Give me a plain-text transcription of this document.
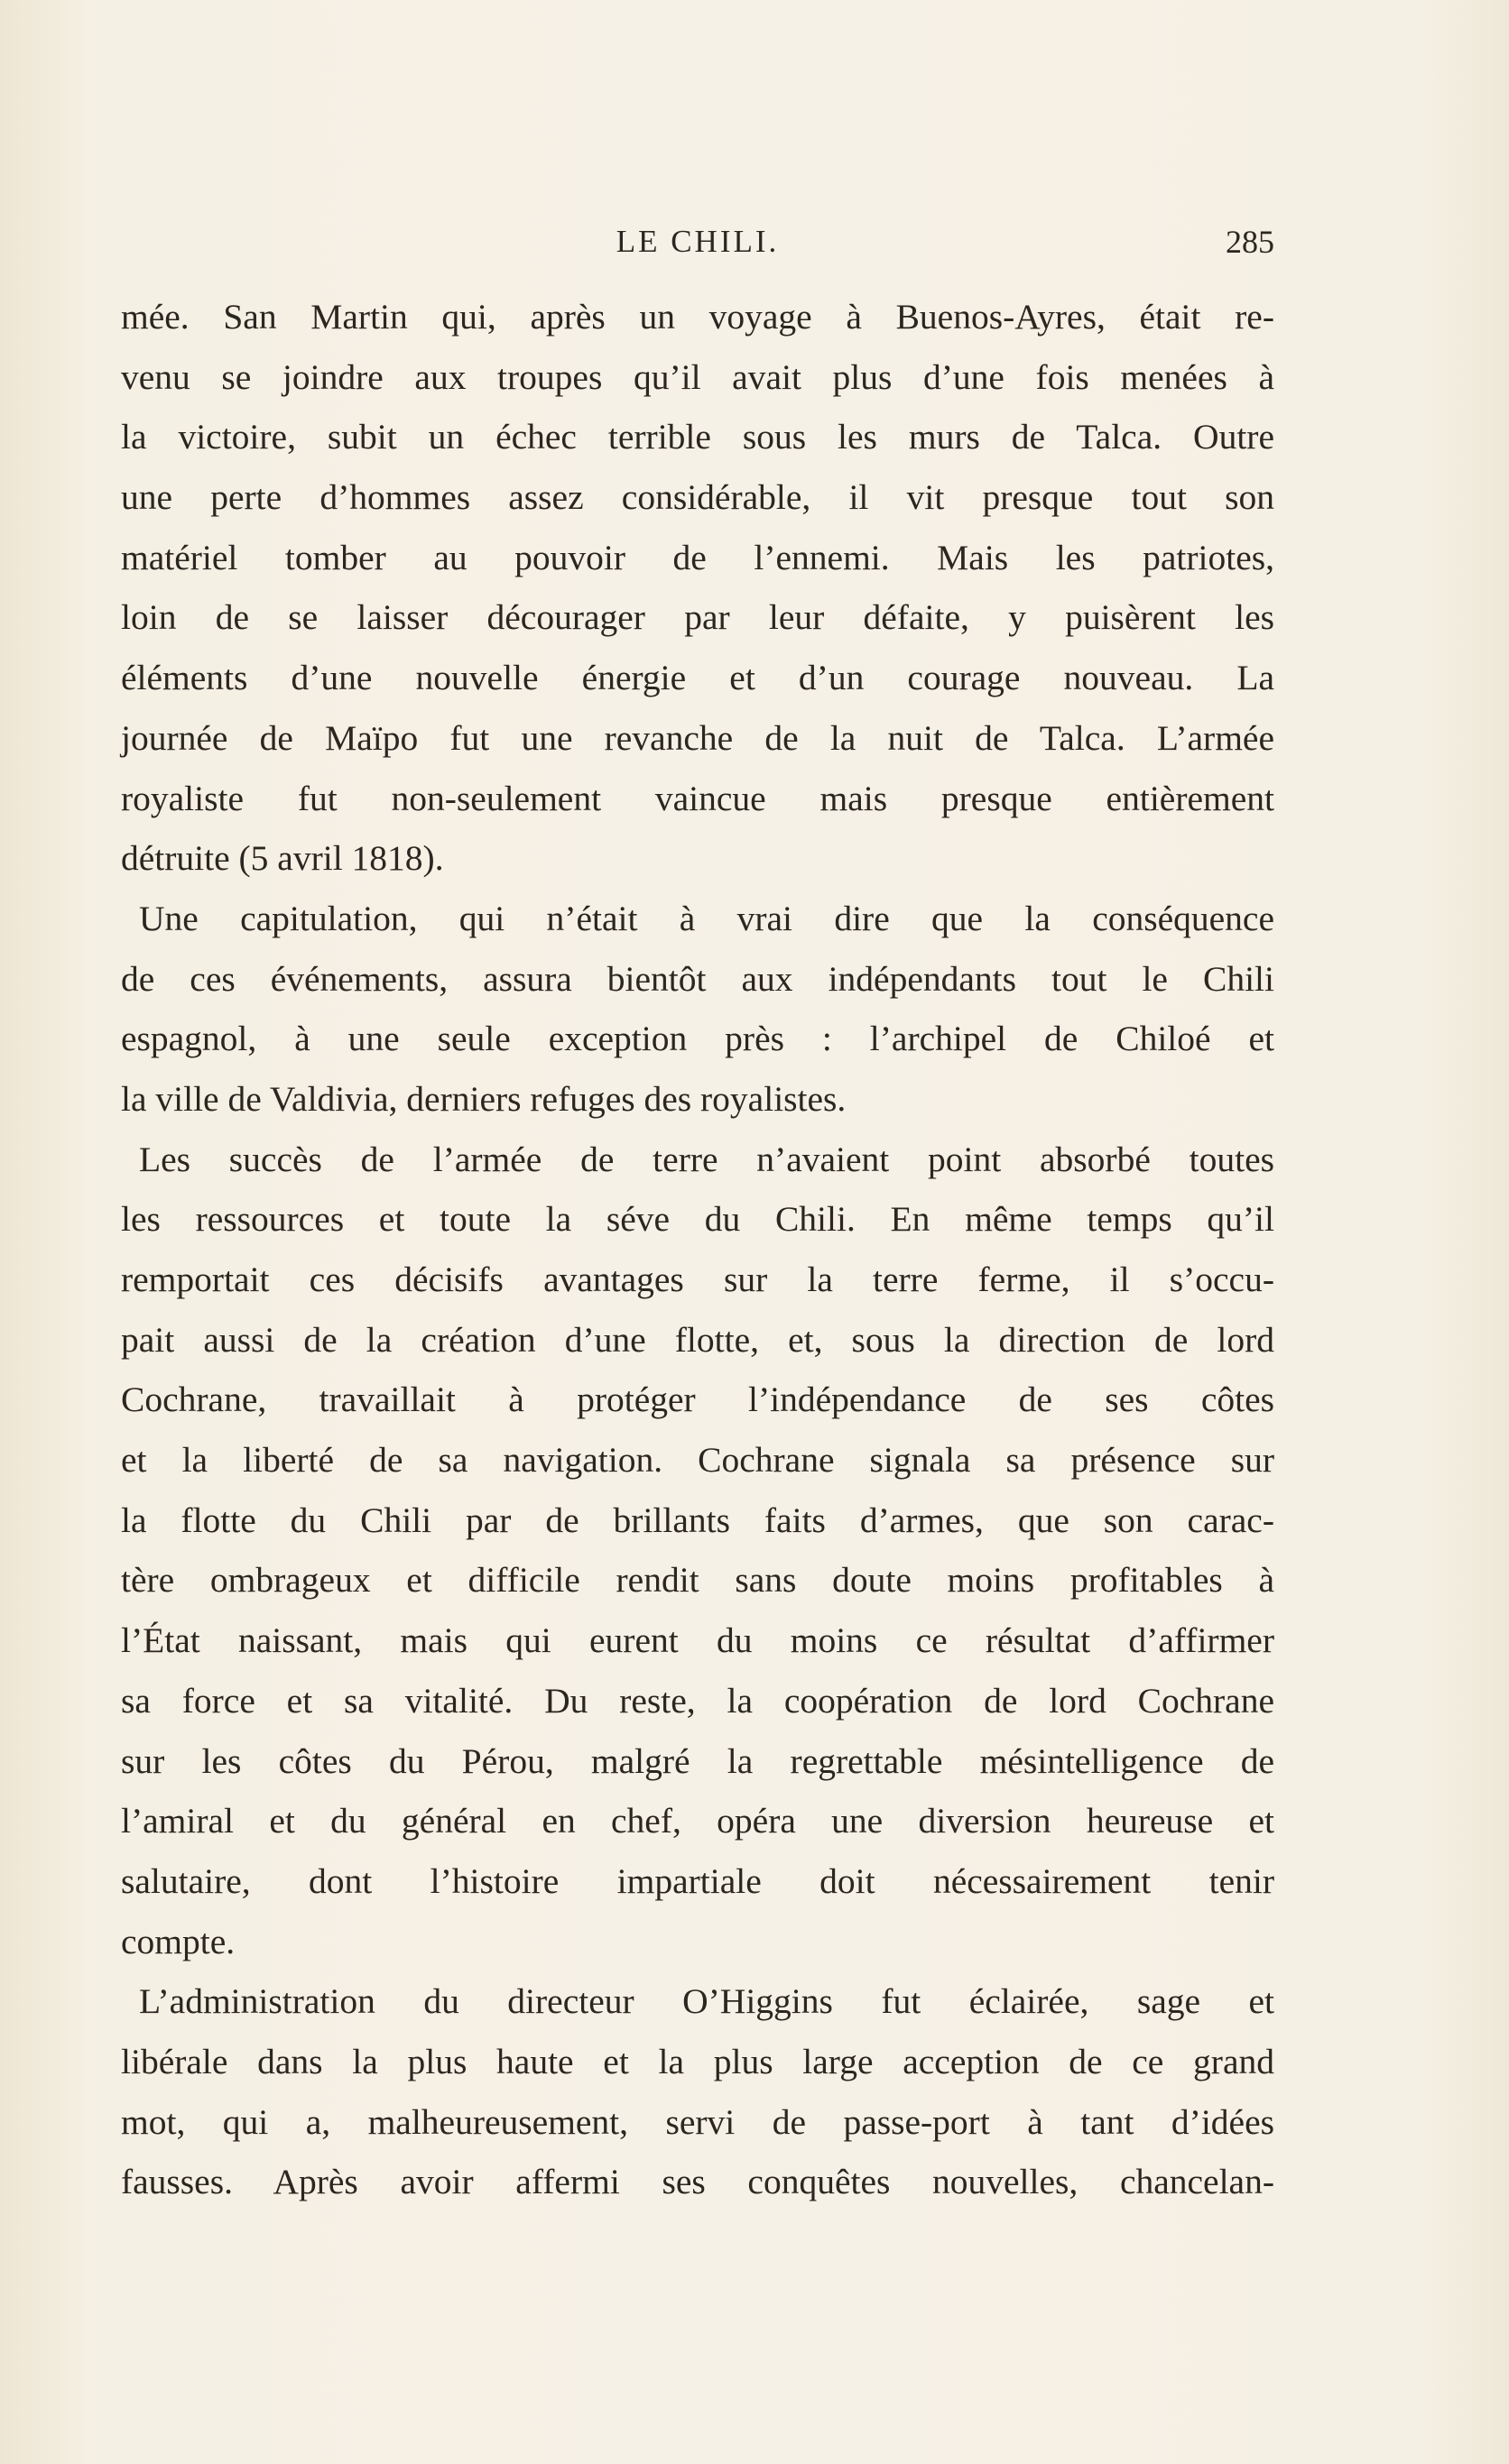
LE CHILI.	285
mée. San Martin qui, après un voyage à Buenos-Ayres, était re-
venu se joindre aux troupes qu’il avait plus d’une fois menées à
la victoire, subit un échec terrible sous les murs de Talca. Outre
une perte d’hommes assez considérable, il vit presque tout son
matériel tomber au pouvoir de l’ennemi. Mais les patriotes,
loin de se laisser décourager par leur défaite, y puisèrent les
éléments d’une nouvelle énergie et d’un courage nouveau. La
journée de Maïpo fut une revanche de la nuit de Talca. L’armée
royaliste fut non-seulement vaincue mais presque entièrement
détruite (5 avril 1818).
Une capitulation, qui n’était à vrai dire que la conséquence
de ces événements, assura bientôt aux indépendants tout le Chili
espagnol, à une seule exception près : l’archipel de Chiloé et
la ville de Valdivia, derniers refuges des royalistes.
Les succès de l’armée de terre n’avaient point absorbé toutes
les ressources et toute la séve du Chili. En même temps qu’il
remportait ces décisifs avantages sur la terre ferme, il s’occu-
pait aussi de la création d’une flotte, et, sous la direction de lord
Cochrane, travaillait à protéger l’indépendance de ses côtes
et la liberté de sa navigation. Cochrane signala sa présence sur
la flotte du Chili par de brillants faits d’armes, que son carac-
tère ombrageux et difficile rendit sans doute moins profitables à
l’État naissant, mais qui eurent du moins ce résultat d’affirmer
sa force et sa vitalité. Du reste, la coopération de lord Cochrane
sur les côtes du Pérou, malgré la regrettable mésintelligence de
l’amiral et du général en chef, opéra une diversion heureuse et
salutaire, dont l’histoire impartiale doit nécessairement tenir
compte.
L’administration du directeur O’Higgins fut éclairée, sage et
libérale dans la plus haute et la plus large acception de ce grand
mot, qui a, malheureusement, servi de passe-port à tant d’idées
fausses. Après avoir affermi ses conquêtes nouvelles, chancelan-
